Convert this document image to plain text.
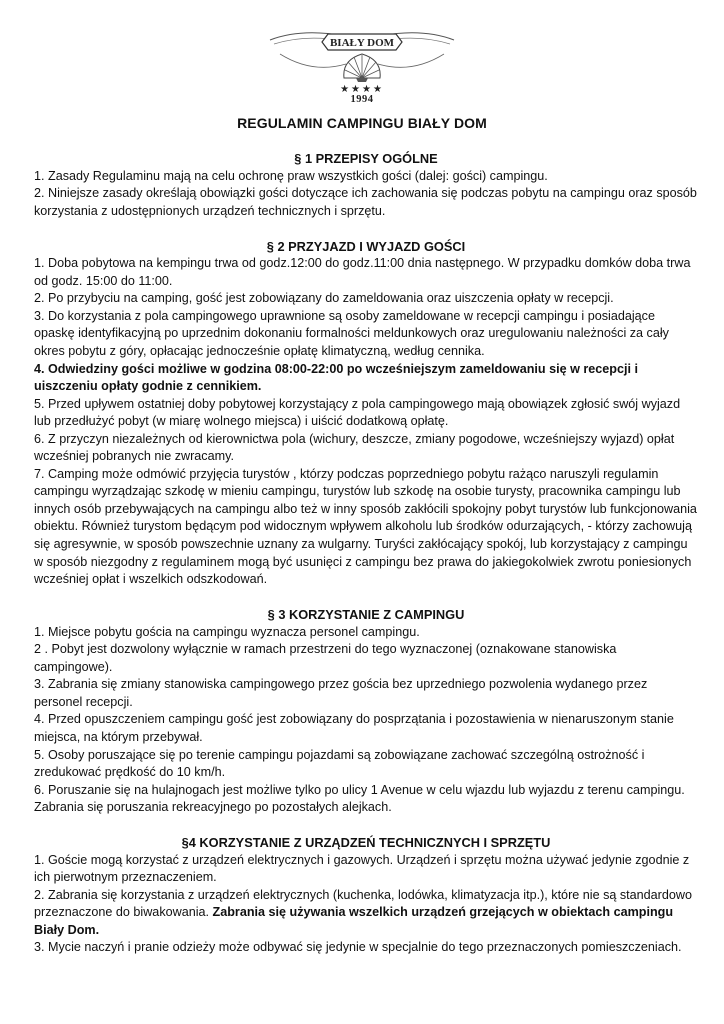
BIAŁY DOM
★★★★
1994
REGULAMIN CAMPINGU BIAŁY DOM

§ 1 PRZEPISY OGÓLNE

1. Zasady Regulaminu mają na celu ochronę praw wszystkich gości (dalej: gości) campingu.

2. Niniejsze zasady określają obowiązki gości dotyczące ich zachowania się podczas pobytu na campingu oraz sposób korzystania z udostępnionych urządzeń technicznych i sprzętu.

§ 2 PRZYJAZD I WYJAZD GOŚCI

1. Doba pobytowa na kempingu trwa od godz.12:00 do godz.11:00 dnia następnego. W przypadku domków doba trwa od godz. 15:00 do 11:00.

2. Po przybyciu na camping, gość jest zobowiązany do zameldowania oraz uiszczenia opłaty w recepcji.

3. Do korzystania z pola campingowego uprawnione są osoby zameldowane w recepcji campingu i posiadające opaskę identyfikacyjną po uprzednim dokonaniu formalności meldunkowych oraz uregulowaniu należności za cały okres pobytu z góry, opłacając jednocześnie opłatę klimatyczną, według cennika.

4. Odwiedziny gości możliwe w godzina 08:00-22:00 po wcześniejszym zameldowaniu się w recepcji i uiszczeniu opłaty godnie z cennikiem.

5. Przed upływem ostatniej doby pobytowej korzystający z pola campingowego mają obowiązek zgłosić swój wyjazd lub przedłużyć pobyt (w miarę wolnego miejsca) i uiścić dodatkową opłatę.

6. Z przyczyn niezależnych od kierownictwa pola (wichury, deszcze, zmiany pogodowe, wcześniejszy wyjazd) opłat wcześniej pobranych nie zwracamy.

7. Camping może odmówić przyjęcia turystów , którzy podczas poprzedniego pobytu rażąco naruszyli regulamin campingu wyrządzając szkodę w mieniu campingu, turystów lub szkodę na osobie turysty, pracownika campingu lub innych osób przebywających na campingu albo też w inny sposób zakłócili spokojny pobyt turystów lub funkcjonowania obiektu. Również turystom będącym pod widocznym wpływem alkoholu lub środków odurzających, - którzy zachowują się agresywnie, w sposób powszechnie uznany za wulgarny. Turyści zakłócający spokój, lub korzystający z campingu w sposób niezgodny z regulaminem mogą być usunięci z campingu bez prawa do jakiegokolwiek zwrotu poniesionych wcześniej opłat i wszelkich odszkodowań.

§ 3 KORZYSTANIE Z CAMPINGU

1. Miejsce pobytu gościa na campingu wyznacza personel campingu.

2 . Pobyt jest dozwolony wyłącznie w ramach przestrzeni do tego wyznaczonej (oznakowane stanowiska campingowe).

3. Zabrania się zmiany stanowiska campingowego przez gościa bez uprzedniego pozwolenia wydanego przez personel recepcji.

4. Przed opuszczeniem campingu gość jest zobowiązany do posprzątania i pozostawienia w nienaruszonym stanie miejsca, na którym przebywał.

5. Osoby poruszające się po terenie campingu pojazdami są zobowiązane zachować szczególną ostrożność i zredukować prędkość do 10 km/h.

6. Poruszanie się na hulajnogach jest możliwe tylko po ulicy 1 Avenue w celu wjazdu lub wyjazdu z terenu campingu. Zabrania się poruszania rekreacyjnego po pozostałych alejkach.

§4 KORZYSTANIE Z URZĄDZEŃ TECHNICZNYCH I SPRZĘTU

1. Goście mogą korzystać z urządzeń elektrycznych i gazowych. Urządzeń i sprzętu można używać jedynie zgodnie z ich pierwotnym przeznaczeniem.

2. Zabrania się korzystania z urządzeń elektrycznych (kuchenka, lodówka, klimatyzacja itp.), które nie są standardowo przeznaczone do biwakowania. Zabrania się używania wszelkich urządzeń grzejących w obiektach campingu Biały Dom.

3. Mycie naczyń i pranie odzieży może odbywać się jedynie w specjalnie do tego przeznaczonych pomieszczeniach.
